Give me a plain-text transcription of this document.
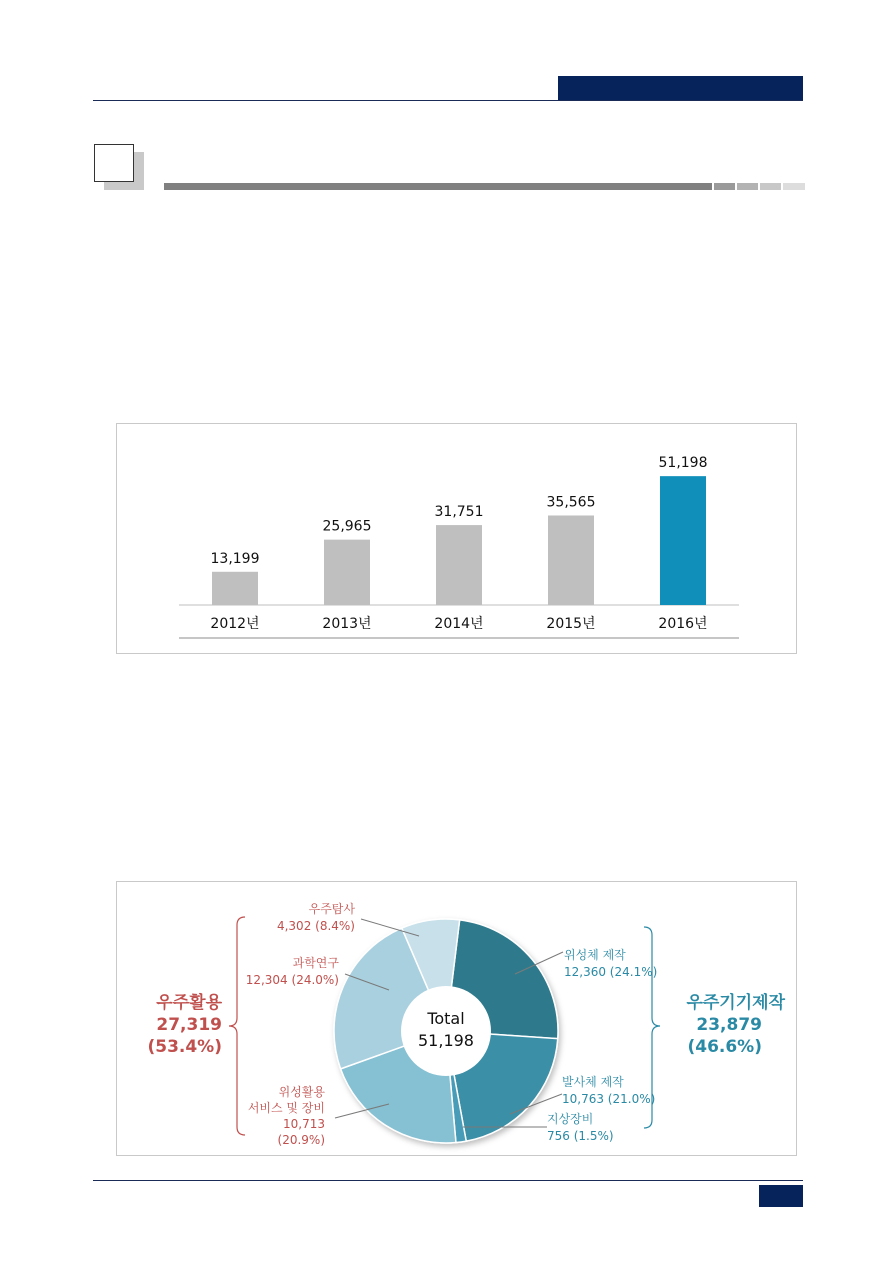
13,199
2012년
25,965
2013년
31,751
2014년
35,565
2015년
51,198
2016년
Total
51,198
위성체 제작
12,360 (24.1%)
발사체 제작
10,763 (21.0%)
지상장비
756 (1.5%)
우주탐사
4,302 (8.4%)
과학연구
12,304 (24.0%)
위성활용
서비스 및 장비
10,713
(20.9%)
우주활용
27,319
(53.4%)
우주기기제작
23,879
(46.6%)
